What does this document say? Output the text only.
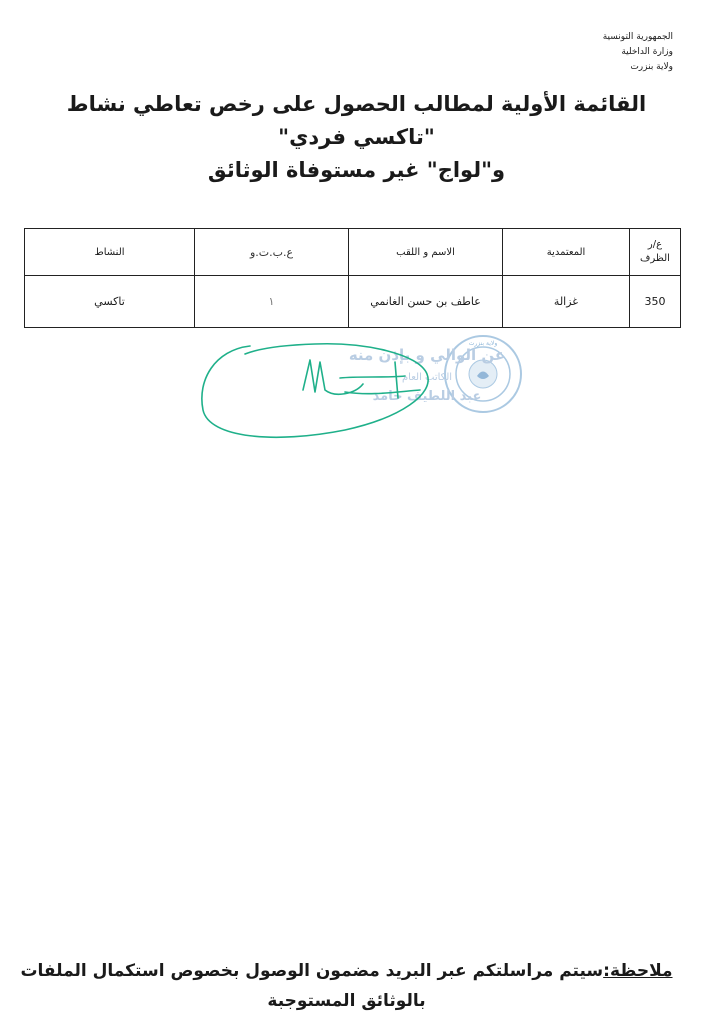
الجمهورية التونسية
وزارة الداخلية
ولاية بنزرت
القائمة الأولية لمطالب الحصول على رخص تعاطي نشاط "تاكسي فردي"
و"لواج" غير مستوفاة الوثائق
ع/ر
الظرف	المعتمدية	الاسم و اللقب	ع.ب.ت.و	النشاط
350	غزالة	عاطف بن حسن الغانمي	١	تاكسي
ولاية بنزرت
عن الوالي و بإذن منه
الكاتب العام
عبد اللطيف حامد
ملاحظة:سيتم مراسلتكم عبر البريد مضمون الوصول بخصوص استكمال الملفات بالوثائق المستوجبة
